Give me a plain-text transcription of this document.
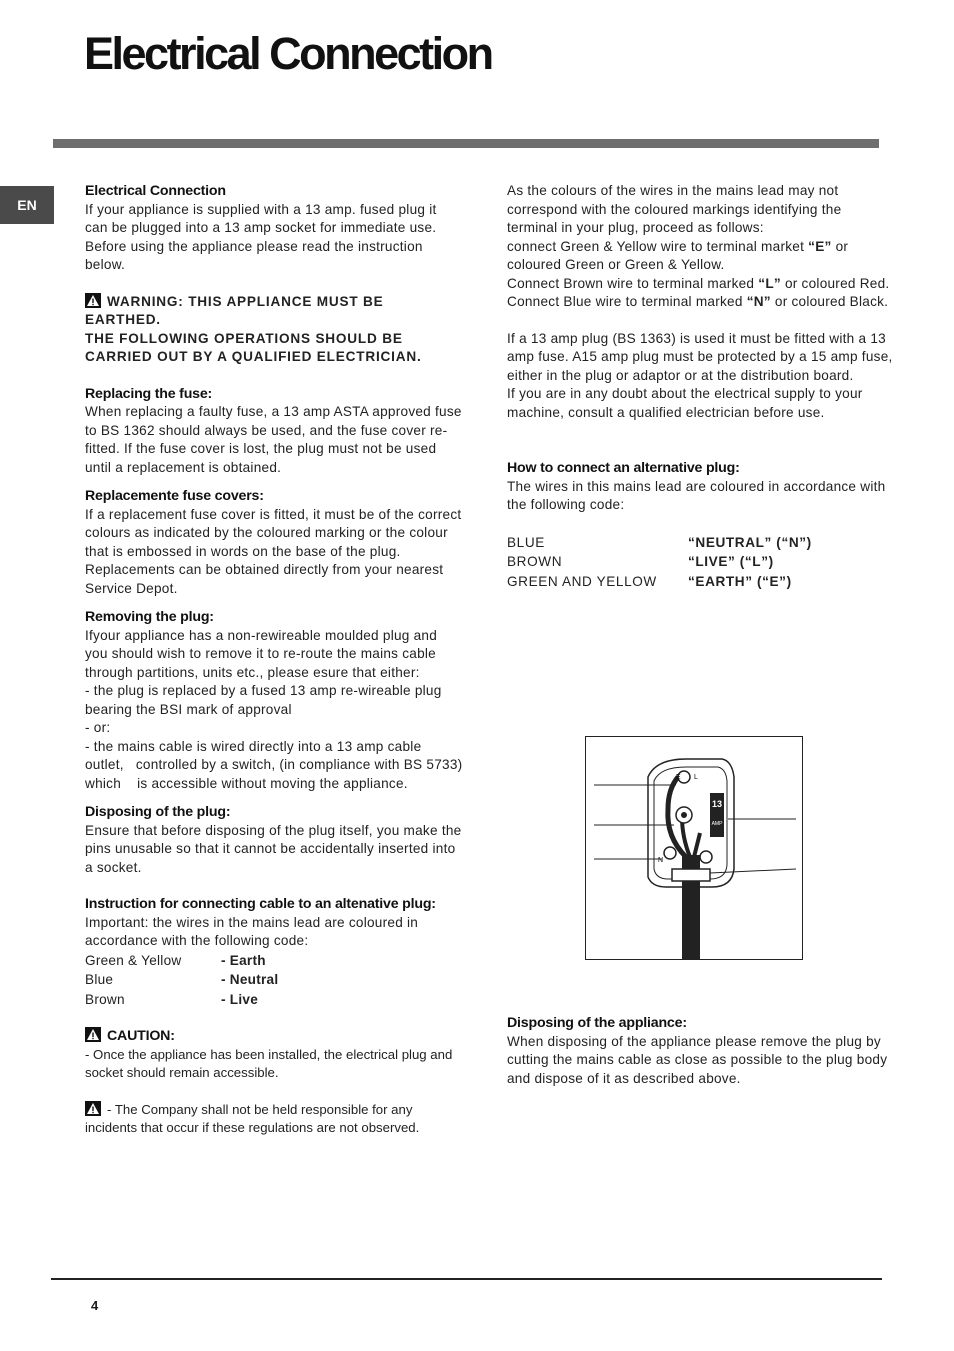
Electrical Connection
EN

Electrical Connection

If your appliance is supplied with a 13 amp. fused plug it can be plugged into a 13 amp socket for immediate use. Before using the appliance please read the instruction below.

WARNING: THIS APPLIANCE MUST BE EARTHED.

THE FOLLOWING OPERATIONS SHOULD BE CARRIED OUT BY A QUALIFIED ELECTRICIAN.

Replacing the fuse:

When replacing a faulty fuse, a 13 amp ASTA approved fuse to BS 1362 should always be used, and the fuse cover re-fitted. If the fuse cover is lost, the plug must not be used until a replacement is obtained.

Replacemente fuse covers:

If a replacement fuse cover is fitted, it must be of the correct colours as indicated by the coloured marking or the colour that is embossed in words on the base of the plug. Replacements can be obtained directly from your nearest Service Depot.

Removing the plug:

Ifyour appliance has a non-rewireable moulded plug and you should wish to remove it to re-route the mains cable through partitions, units etc., please esure that either:

- the plug is replaced by a fused 13 amp re-wireable plug     bearing the BSI mark of approval

- or:

- the mains cable is wired directly into a 13 amp cable outlet,   controlled by a switch, (in compliance with BS 5733) which    is accessible without moving the appliance.

Disposing of the plug:

Ensure that before disposing of the plug itself, you make the pins unusable so that it cannot be accidentally inserted into a socket.

Instruction for connecting cable to an altenative plug:

Important: the wires in the mains lead are coloured in accordance with the following code:

Green & Yellow	- Earth
Blue	- Neutral
Brown	- Live

CAUTION:

- Once the appliance has been installed, the electrical plug and socket should remain accessible.

- The Company shall not be held responsible for any incidents that occur if these regulations are not observed.

As the colours of the wires in the mains lead may not correspond with the coloured markings identifying the terminal in your plug, proceed as follows:

connect Green & Yellow wire to terminal market “E” or coloured Green or Green & Yellow.

Connect Brown wire to terminal marked “L” or coloured Red.

Connect Blue wire to terminal marked “N” or coloured Black.

If a 13 amp plug (BS 1363) is used it must be fitted with a 13 amp fuse. A15 amp plug must be protected by a 15 amp fuse, either in the plug or adaptor or at the distribution board.

If you are in any doubt about the electrical supply to your machine, consult a qualified electrician before use.

How to connect an alternative plug:

The wires in this mains lead are coloured in accordance with the following code:

BLUE	“NEUTRAL” (“N”)
BROWN	“LIVE” (“L”)
GREEN AND YELLOW	“EARTH” (“E”)
13
AMP
E L
N

Disposing of the appliance:

When disposing of the appliance please remove the plug by cutting the mains cable as close as possible to the plug body and dispose of it as described above.

4
